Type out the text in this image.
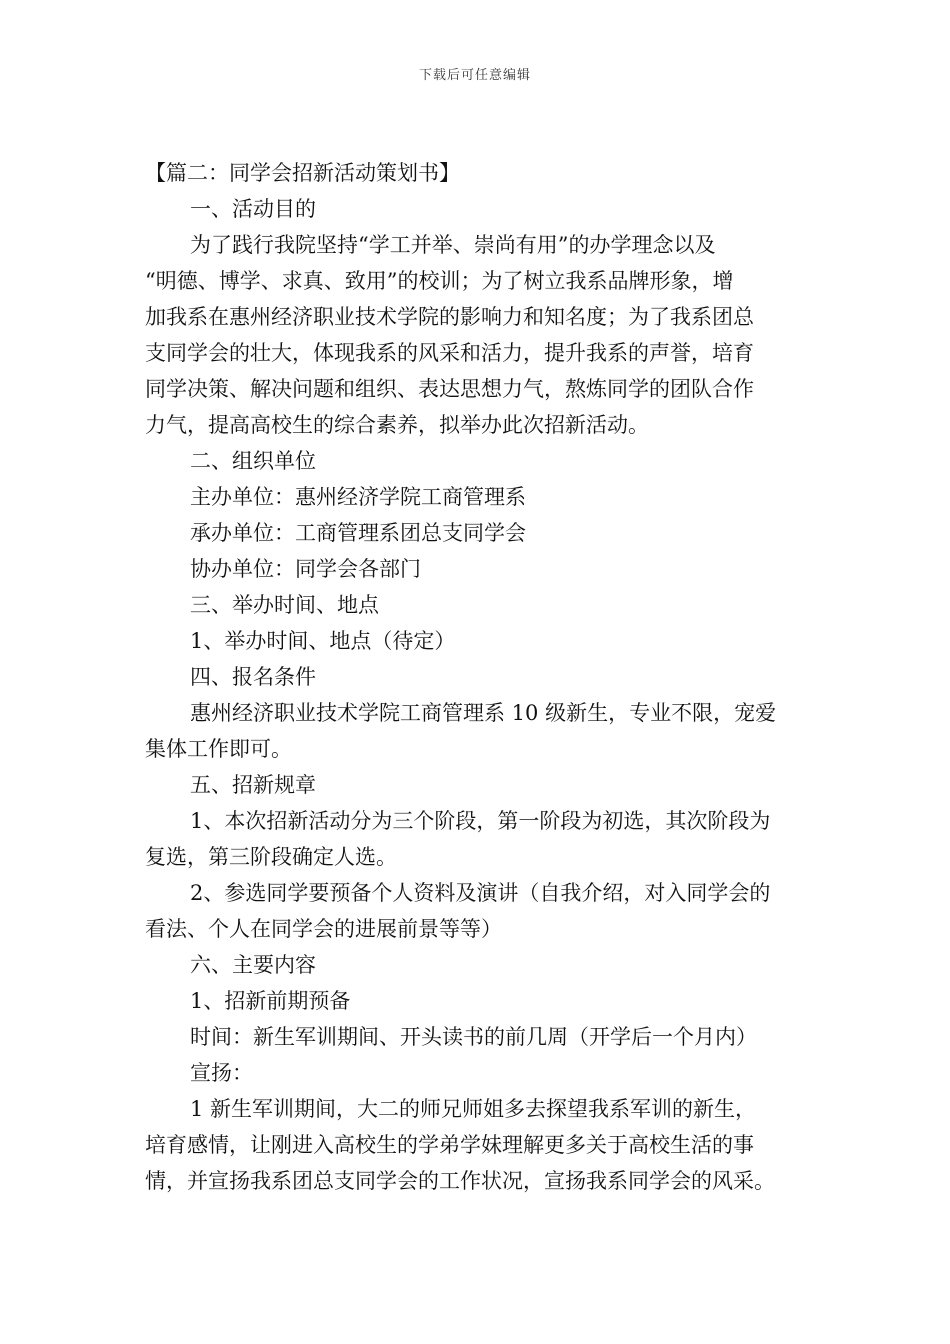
下载后可任意编辑

【篇二：同学会招新活动策划书】

一、活动目的

为了践行我院坚持“学工并举、崇尚有用”的办学理念以及

“明德、博学、求真、致用”的校训；为了树立我系品牌形象，增

加我系在惠州经济职业技术学院的影响力和知名度；为了我系团总

支同学会的壮大，体现我系的风采和活力，提升我系的声誉，培育

同学决策、解决问题和组织、表达思想力气，熬炼同学的团队合作

力气，提高高校生的综合素养，拟举办此次招新活动。

二、组织单位

主办单位：惠州经济学院工商管理系

承办单位：工商管理系团总支同学会

协办单位：同学会各部门

三、举办时间、地点

1、举办时间、地点（待定）

四、报名条件

惠州经济职业技术学院工商管理系 10 级新生，专业不限，宠爱

集体工作即可。

五、招新规章

1、本次招新活动分为三个阶段，第一阶段为初选，其次阶段为

复选，第三阶段确定人选。

2、参选同学要预备个人资料及演讲（自我介绍，对入同学会的

看法、个人在同学会的进展前景等等）

六、主要内容

1、招新前期预备

时间：新生军训期间、开头读书的前几周（开学后一个月内）

宣扬：

1 新生军训期间，大二的师兄师姐多去探望我系军训的新生，

培育感情，让刚进入高校生的学弟学妹理解更多关于高校生活的事

情，并宣扬我系团总支同学会的工作状况，宣扬我系同学会的风采。
